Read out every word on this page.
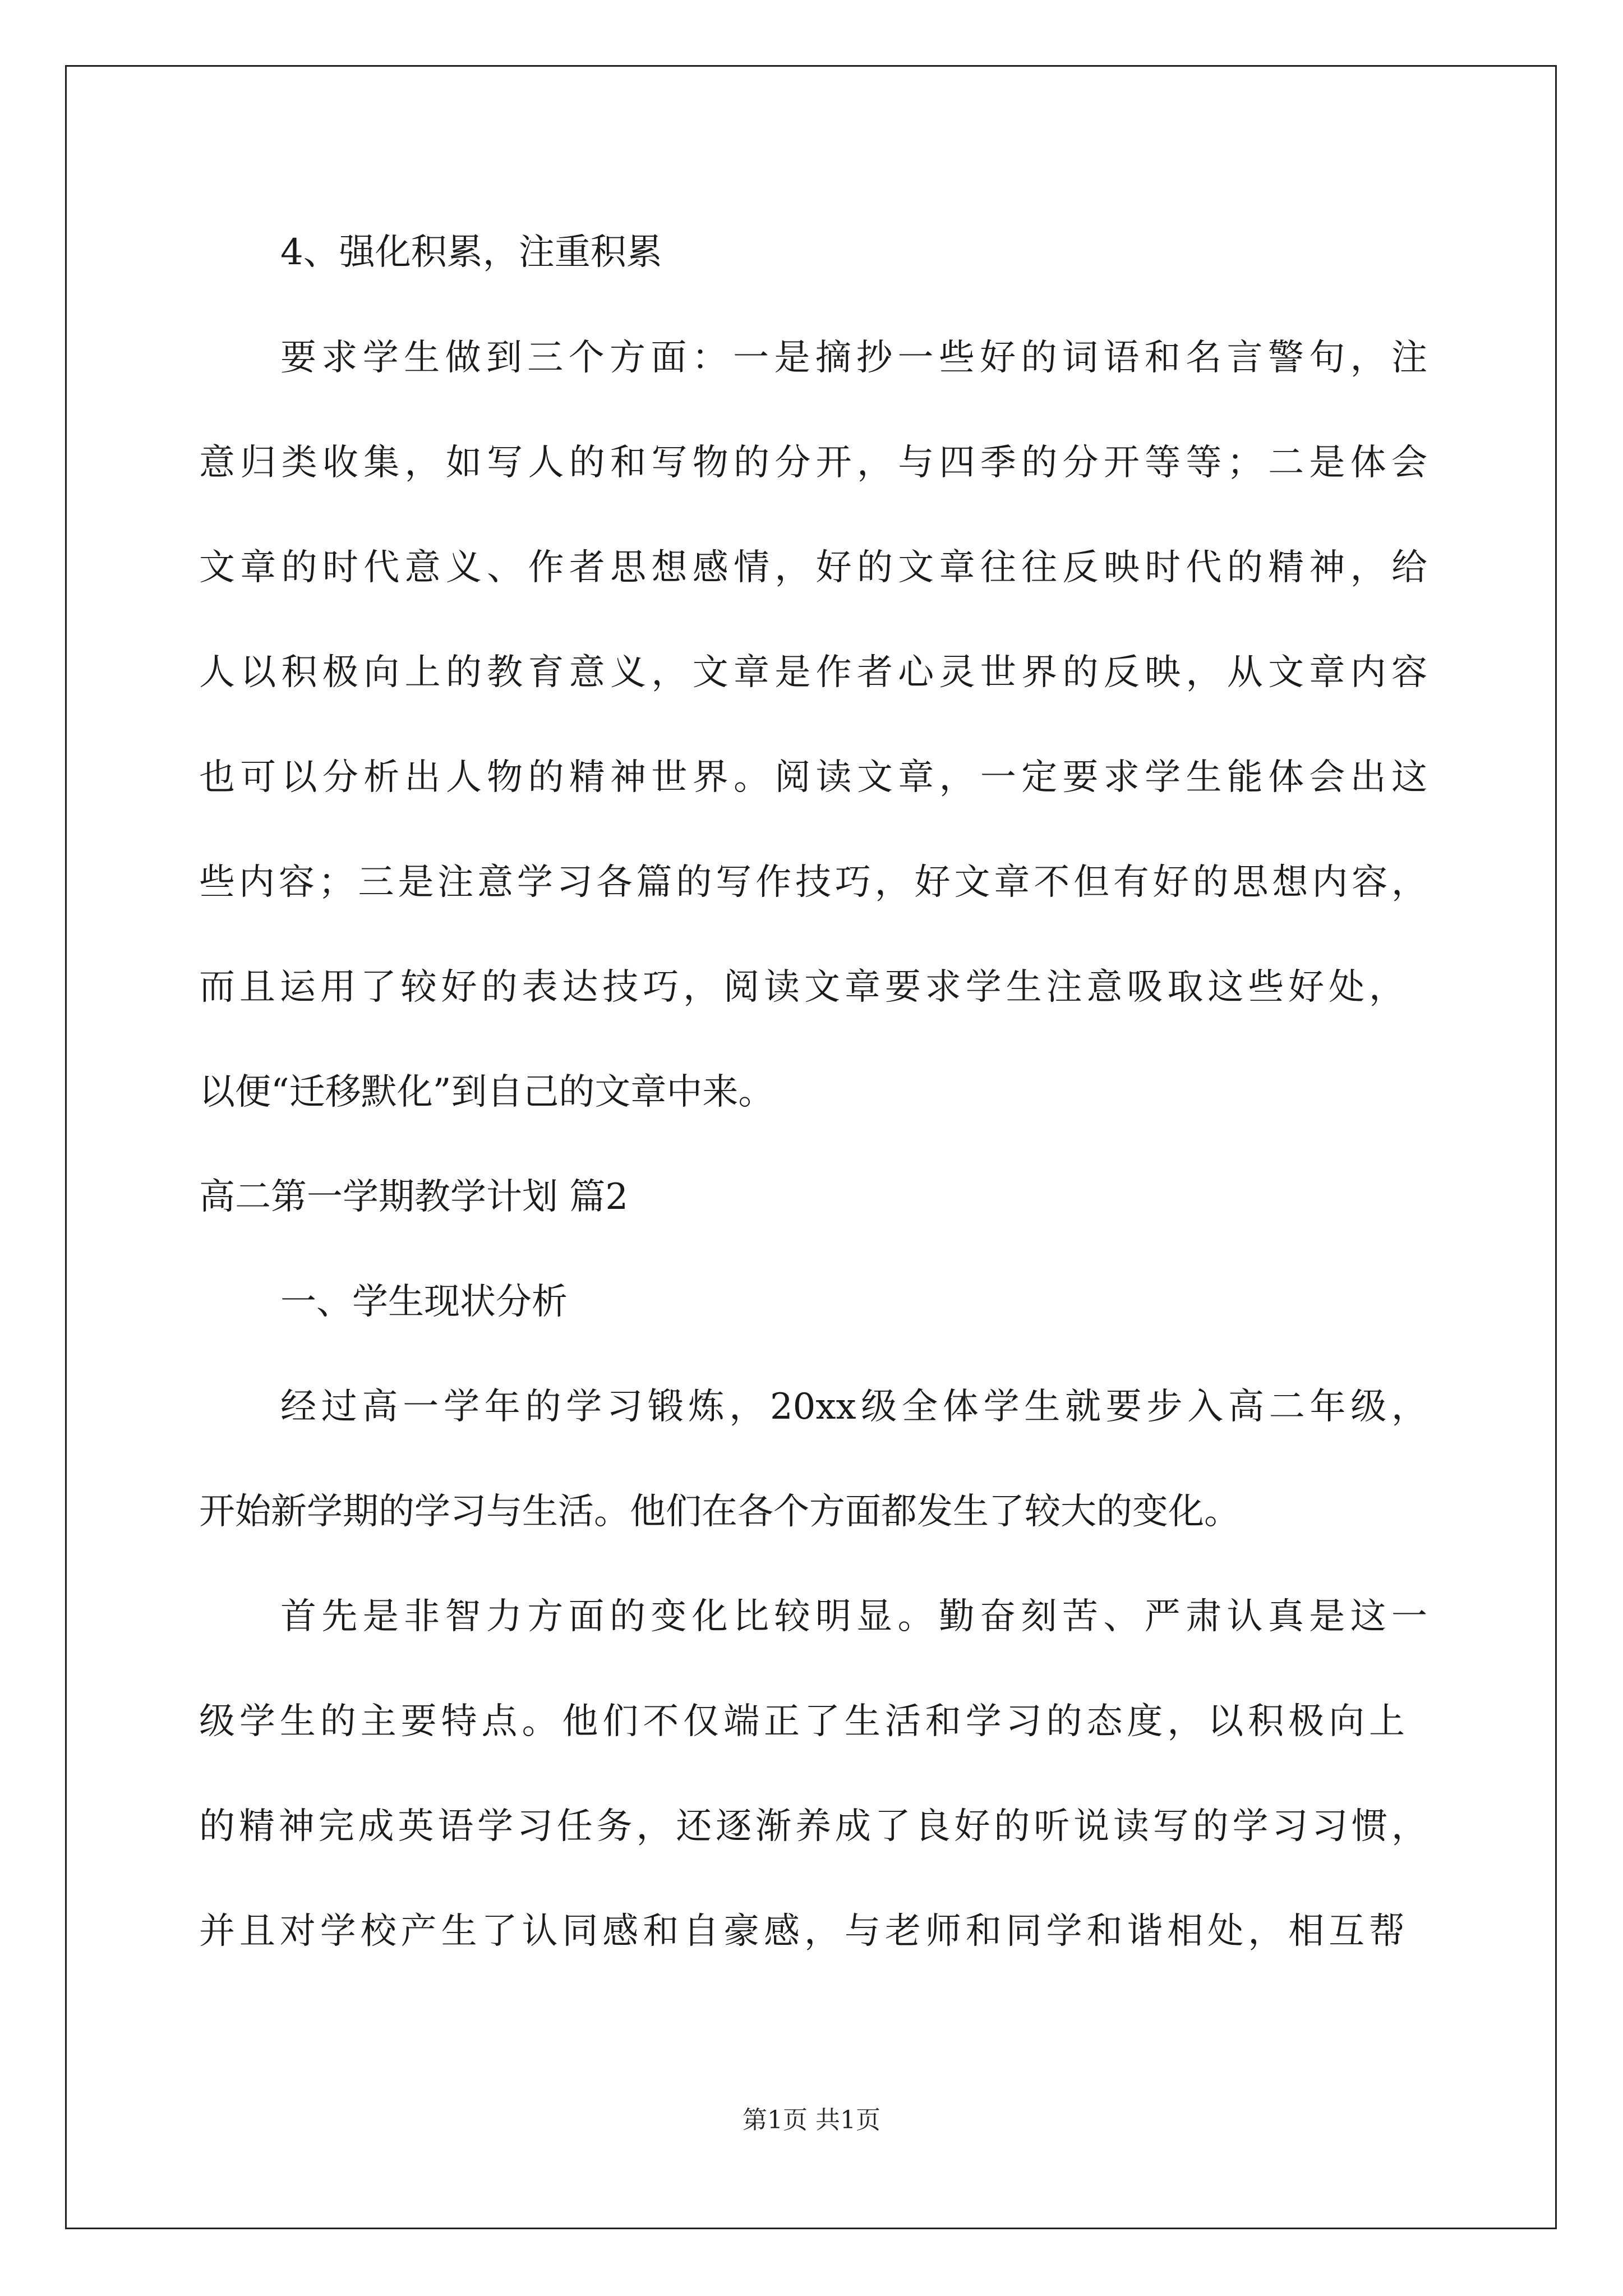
4、强化积累，注重积累
要求学生做到三个方面：一是摘抄一些好的词语和名言警句，注
意归类收集，如写人的和写物的分开，与四季的分开等等；二是体会
文章的时代意义、作者思想感情，好的文章往往反映时代的精神，给
人以积极向上的教育意义，文章是作者心灵世界的反映，从文章内容
也可以分析出人物的精神世界。阅读文章，一定要求学生能体会出这
些内容；三是注意学习各篇的写作技巧，好文章不但有好的思想内容，
而且运用了较好的表达技巧，阅读文章要求学生注意吸取这些好处，
以便“迁移默化”到自己的文章中来。
高二第一学期教学计划 篇2
一、学生现状分析
经过高一学年的学习锻炼，20xx级全体学生就要步入高二年级，
开始新学期的学习与生活。他们在各个方面都发生了较大的变化。
首先是非智力方面的变化比较明显。勤奋刻苦、严肃认真是这一
级学生的主要特点。他们不仅端正了生活和学习的态度，以积极向上
的精神完成英语学习任务，还逐渐养成了良好的听说读写的学习习惯，
并且对学校产生了认同感和自豪感，与老师和同学和谐相处，相互帮
第1页 共1页
